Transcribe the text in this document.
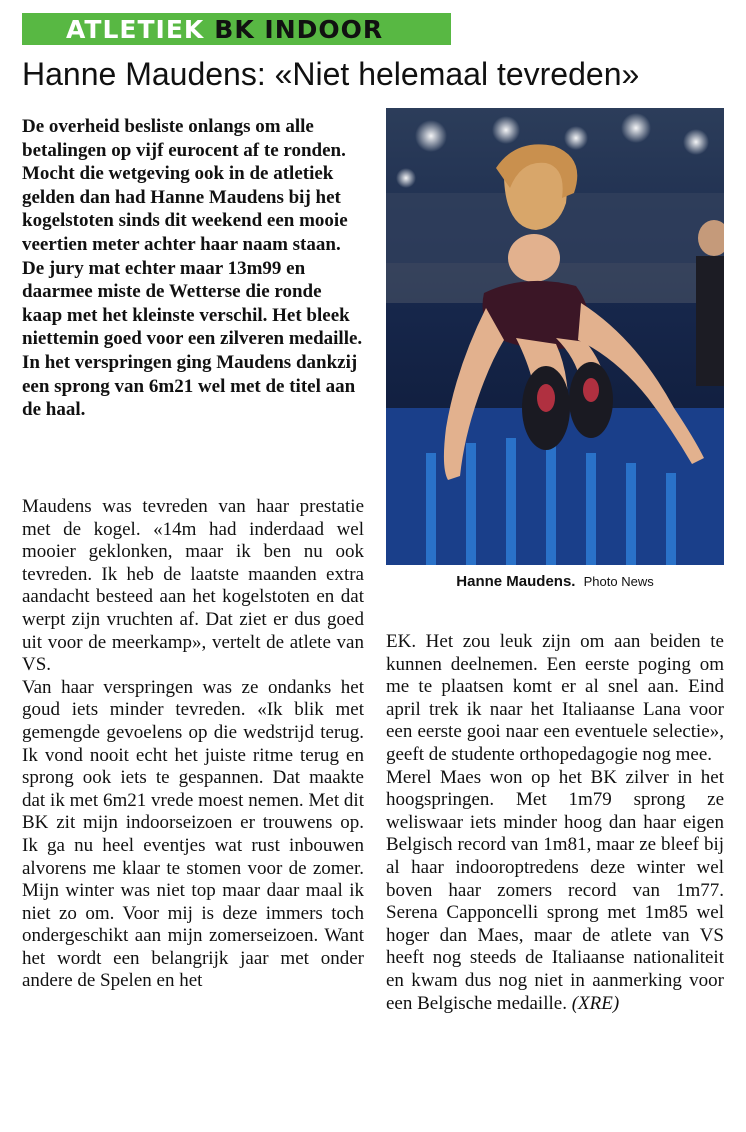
ATLETIEK BK INDOOR
Hanne Maudens: «Niet helemaal tevreden»
De overheid besliste onlangs om alle betalingen op vijf eurocent af te ronden. Mocht die wetgeving ook in de atletiek gelden dan had Hanne Maudens bij het kogelstoten sinds dit weekend een mooie veertien meter achter haar naam staan. De jury mat echter maar 13m99 en daarmee miste de Wetterse die ronde kaap met het kleinste verschil. Het bleek niettemin goed voor een zilveren medaille. In het verspringen ging Maudens dankzij een sprong van 6m21 wel met de titel aan de haal.
Hanne Maudens. Photo News

Maudens was tevreden van haar prestatie met de kogel. «14m had inderdaad wel mooier geklonken, maar ik ben nu ook tevreden. Ik heb de laatste maanden extra aandacht besteed aan het kogelstoten en dat werpt zijn vruchten af. Dat ziet er dus goed uit voor de meerkamp», vertelt de atlete van VS.

Van haar verspringen was ze ondanks het goud iets minder tevreden. «Ik blik met gemengde gevoelens op die wedstrijd terug. Ik vond nooit echt het juiste ritme terug en sprong ook iets te gespannen. Dat maakte dat ik met 6m21 vrede moest nemen. Met dit BK zit mijn indoorseizoen er trouwens op. Ik ga nu heel eventjes wat rust inbouwen alvorens me klaar te stomen voor de zomer. Mijn winter was niet top maar daar maal ik niet zo om. Voor mij is deze immers toch ondergeschikt aan mijn zomerseizoen. Want het wordt een belangrijk jaar met onder andere de Spelen en het

EK. Het zou leuk zijn om aan beiden te kunnen deelnemen. Een eerste poging om me te plaatsen komt er al snel aan. Eind april trek ik naar het Italiaanse Lana voor een eerste gooi naar een eventuele selectie», geeft de studente orthopedagogie nog mee.

Merel Maes won op het BK zilver in het hoogspringen. Met 1m79 sprong ze weliswaar iets minder hoog dan haar eigen Belgisch record van 1m81, maar ze bleef bij al haar indooroptredens deze winter wel boven haar zomers record van 1m77. Serena Capponcelli sprong met 1m85 wel hoger dan Maes, maar de atlete van VS heeft nog steeds de Italiaanse nationaliteit en kwam dus nog niet in aanmerking voor een Belgische medaille. (XRE)
